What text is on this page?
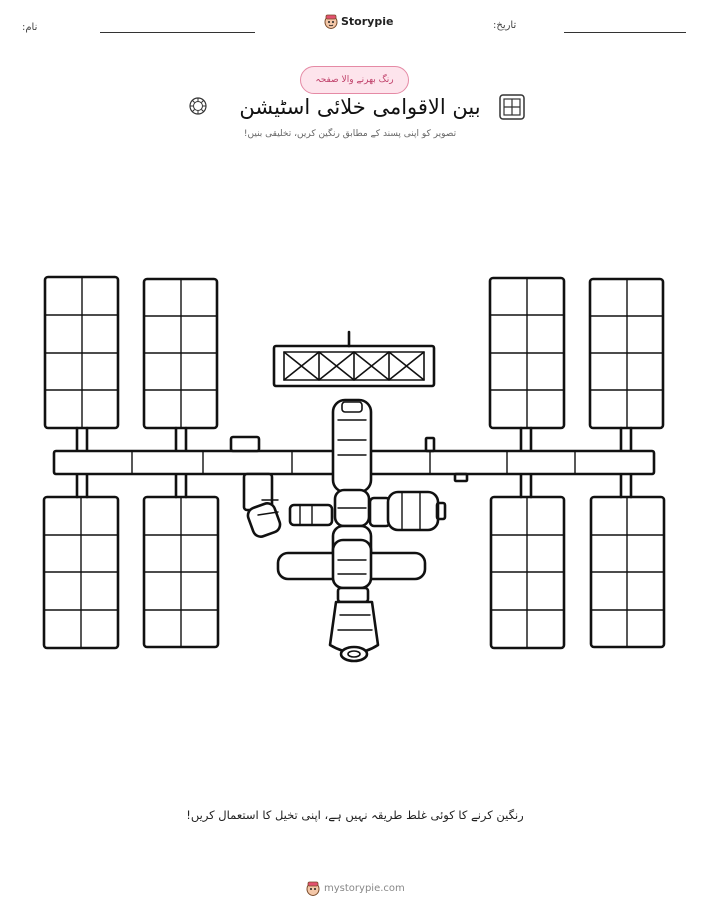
تاریخ:
نام:	Storypie
رنگ بھرنے والا صفحہ
بین الاقوامی خلائی اسٹیشن
تصویر کو اپنی پسند کے مطابق رنگین کریں، تخلیقی بنیں!
رنگین کرنے کا کوئی غلط طریقہ نہیں ہے، اپنی تخیل کا استعمال کریں!
mystorypie.com
